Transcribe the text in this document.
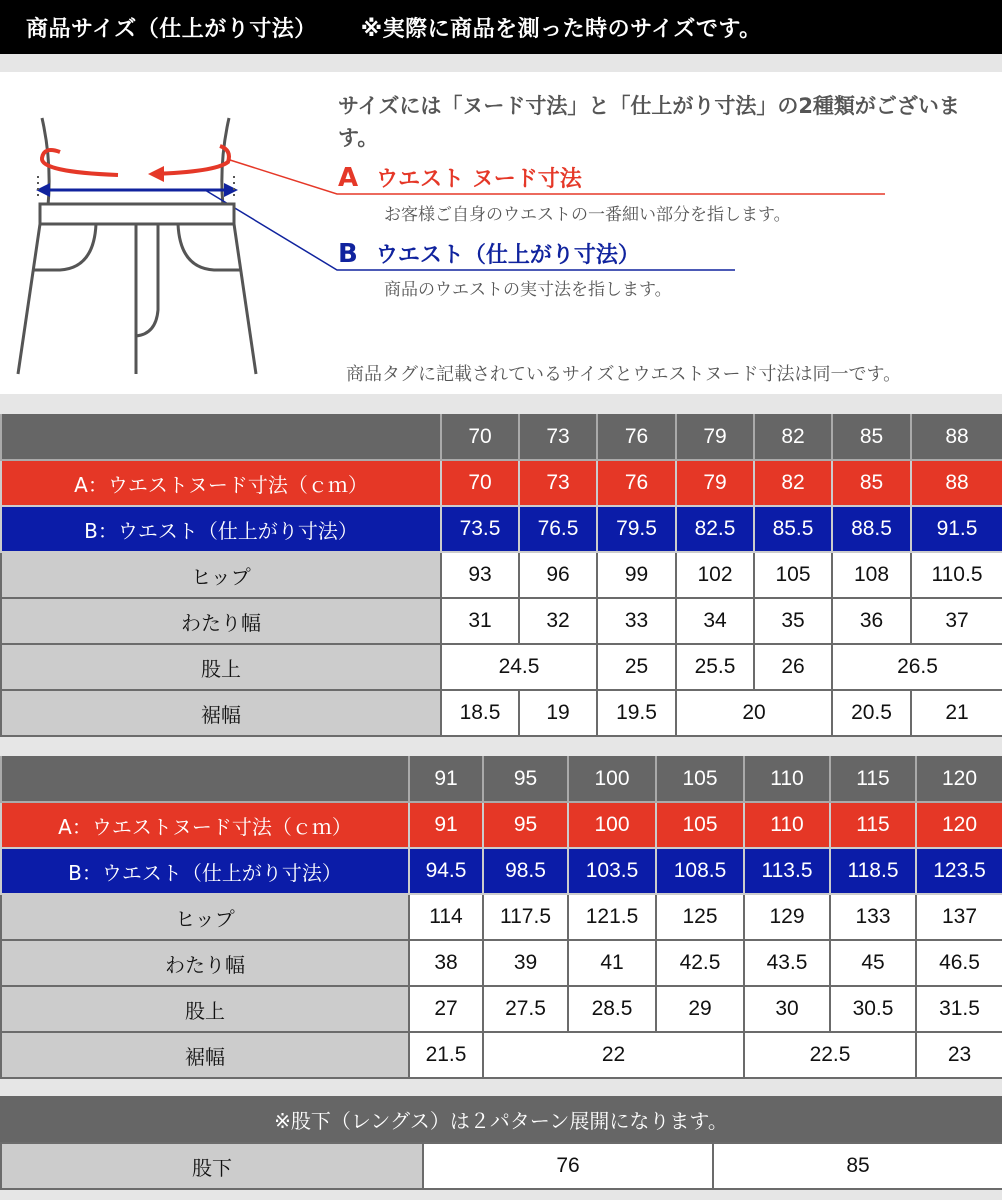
商品サイズ（仕上がり寸法） ※実際に商品を測った時のサイズです。
サイズには「ヌード寸法」と「仕上がり寸法」の2種類がございます。
A ウエスト ヌード寸法
お客様ご自身のウエストの一番細い部分を指します。
B ウエスト（仕上がり寸法）
商品のウエストの実寸法を指します。
商品タグに記載されているサイズとウエストヌード寸法は同一です。
	70	73	76	79	82	85	88
A：ウエストヌード寸法（ｃｍ）	70	73	76	79	82	85	88
B：ウエスト（仕上がり寸法）	73.5	76.5	79.5	82.5	85.5	88.5	91.5
ヒップ	93	96	99	102	105	108	110.5
わたり幅	31	32	33	34	35	36	37
股上	24.5		25	25.5	26	26.5	
裾幅	18.5	19	19.5	20		20.5	21
	91	95	100	105	110	115	120
A：ウエストヌード寸法（ｃｍ）	91	95	100	105	110	115	120
B：ウエスト（仕上がり寸法）	94.5	98.5	103.5	108.5	113.5	118.5	123.5
ヒップ	114	117.5	121.5	125	129	133	137
わたり幅	38	39	41	42.5	43.5	45	46.5
股上	27	27.5	28.5	29	30	30.5	31.5
裾幅	21.5	22			22.5		23
※股下（レングス）は２パターン展開になります。
股下	76	85
